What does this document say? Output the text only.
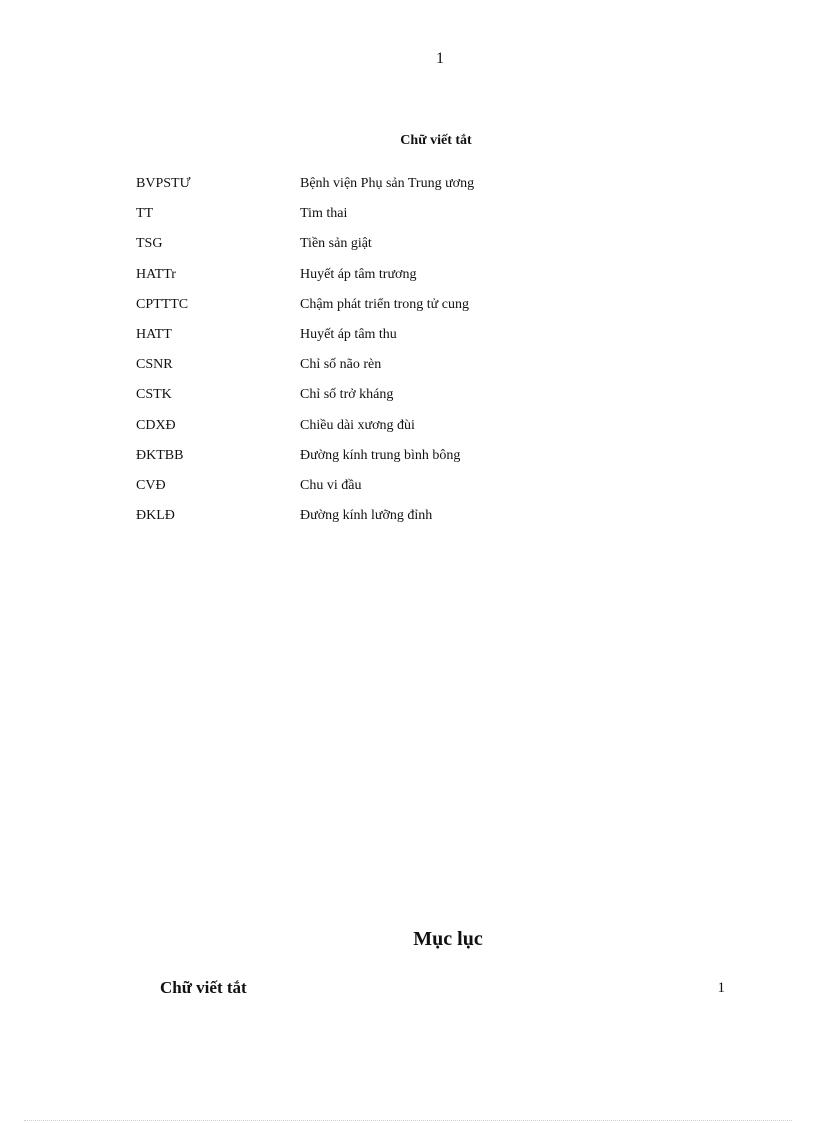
1
Chữ viết tắt
BVPSTƯ	Bệnh viện Phụ sản Trung ương
TT	Tim thai
TSG	Tiền sản giật
HATTr	Huyết áp tâm trương
CPTTTC	Chậm phát triển trong tử cung
HATT	Huyết áp tâm thu
CSNR	Chỉ số não rèn
CSTK	Chỉ số trở kháng
CDXĐ	Chiều dài xương đùi
ĐKTBB	Đường kính trung bình bông
CVĐ	Chu vi đầu
ĐKLĐ	Đường kính lưỡng đỉnh
Mục lục
Chữ viết tắt	1
